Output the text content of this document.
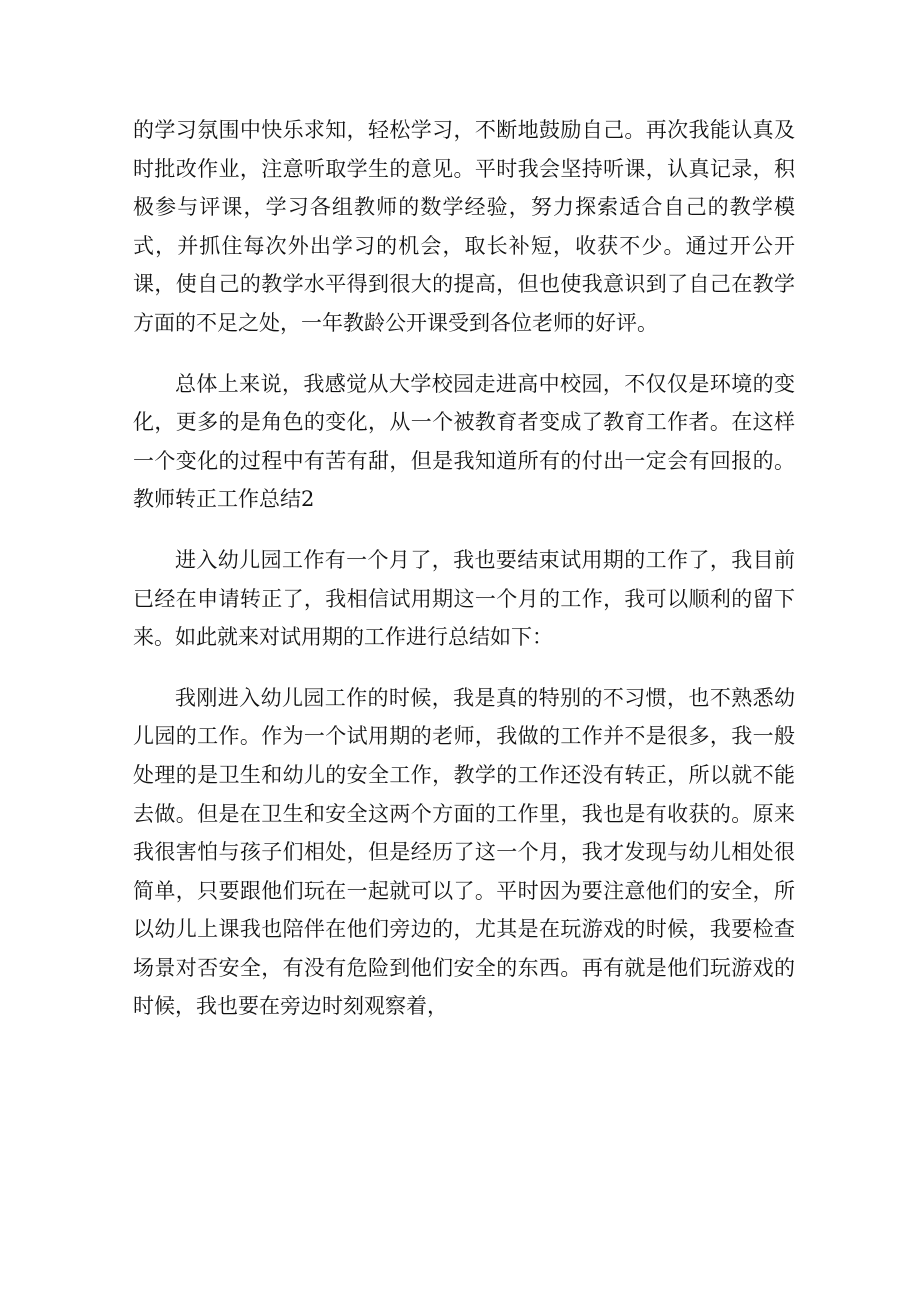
的学习氛围中快乐求知，轻松学习，不断地鼓励自己。再次我能认真及时批改作业，注意听取学生的意见。平时我会坚持听课，认真记录，积极参与评课，学习各组教师的数学经验，努力探索适合自己的教学模式，并抓住每次外出学习的机会，取长补短，收获不少。通过开公开课，使自己的教学水平得到很大的提高，但也使我意识到了自己在教学方面的不足之处，一年教龄公开课受到各位老师的好评。

总体上来说，我感觉从大学校园走进高中校园，不仅仅是环境的变化，更多的是角色的变化，从一个被教育者变成了教育工作者。在这样一个变化的过程中有苦有甜，但是我知道所有的付出一定会有回报的。教师转正工作总结2

进入幼儿园工作有一个月了，我也要结束试用期的工作了，我目前已经在申请转正了，我相信试用期这一个月的工作，我可以顺利的留下来。如此就来对试用期的工作进行总结如下：

我刚进入幼儿园工作的时候，我是真的特别的不习惯，也不熟悉幼儿园的工作。作为一个试用期的老师，我做的工作并不是很多，我一般处理的是卫生和幼儿的安全工作，教学的工作还没有转正，所以就不能去做。但是在卫生和安全这两个方面的工作里，我也是有收获的。原来我很害怕与孩子们相处，但是经历了这一个月，我才发现与幼儿相处很简单，只要跟他们玩在一起就可以了。平时因为要注意他们的安全，所以幼儿上课我也陪伴在他们旁边的，尤其是在玩游戏的时候，我要检查场景对否安全，有没有危险到他们安全的东西。再有就是他们玩游戏的时候，我也要在旁边时刻观察着，
